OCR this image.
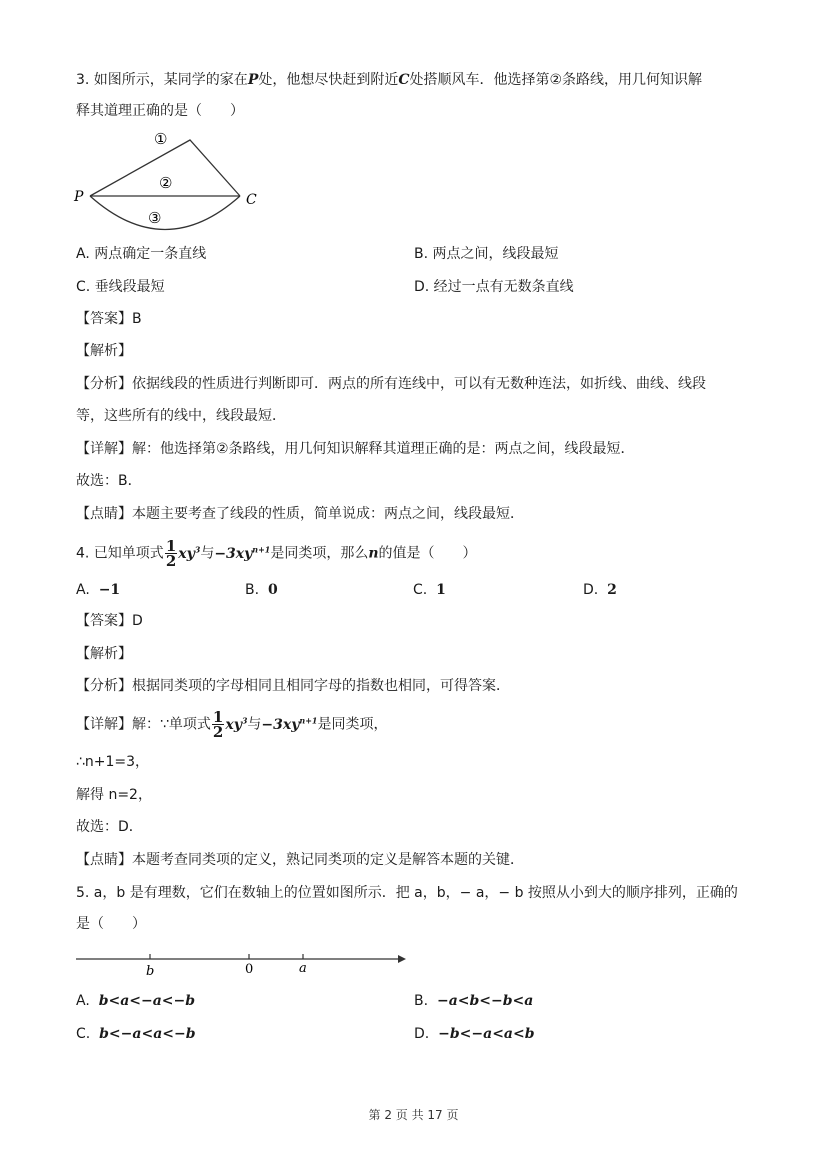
3. 如图所示，某同学的家在P处，他想尽快赶到附近C处搭顺风车．他选择第②条路线，用几何知识解
释其道理正确的是（　　）
①
②
③
P	C
A. 两点确定一条直线	B. 两点之间，线段最短
C. 垂线段最短	D. 经过一点有无数条直线
【答案】B
【解析】
【分析】依据线段的性质进行判断即可．两点的所有连线中，可以有无数种连法，如折线、曲线、线段
等，这些所有的线中，线段最短．
【详解】解：他选择第②条路线，用几何知识解释其道理正确的是：两点之间，线段最短．
故选：B．
【点睛】本题主要考查了线段的性质，简单说成：两点之间，线段最短．
4. 已知单项式 $\frac{1}{2} xy^3$与$-3xy^{n+1}$是同类项，那么n的值是（　　）
A. −1	B. 0	C. 1	D. 2
【答案】D
【解析】
【分析】根据同类项的字母相同且相同字母的指数也相同，可得答案．
【详解】解：∵单项式 $\frac{1}{2} xy^3$与$-3xy^{n+1}$是同类项，
∴n+1=3，
解得 n=2，
故选：D．
【点睛】本题考查同类项的定义，熟记同类项的定义是解答本题的关键．
5. a，b 是有理数，它们在数轴上的位置如图所示．把 a，b，− a，− b 按照从小到大的顺序排列，正确的
是（　　）
b	0	a
A. b<a<−a<−b	B. −a<b<−b<a
C. b<−a<a<−b	D. −b<−a<a<b
第 2 页 共 17 页
